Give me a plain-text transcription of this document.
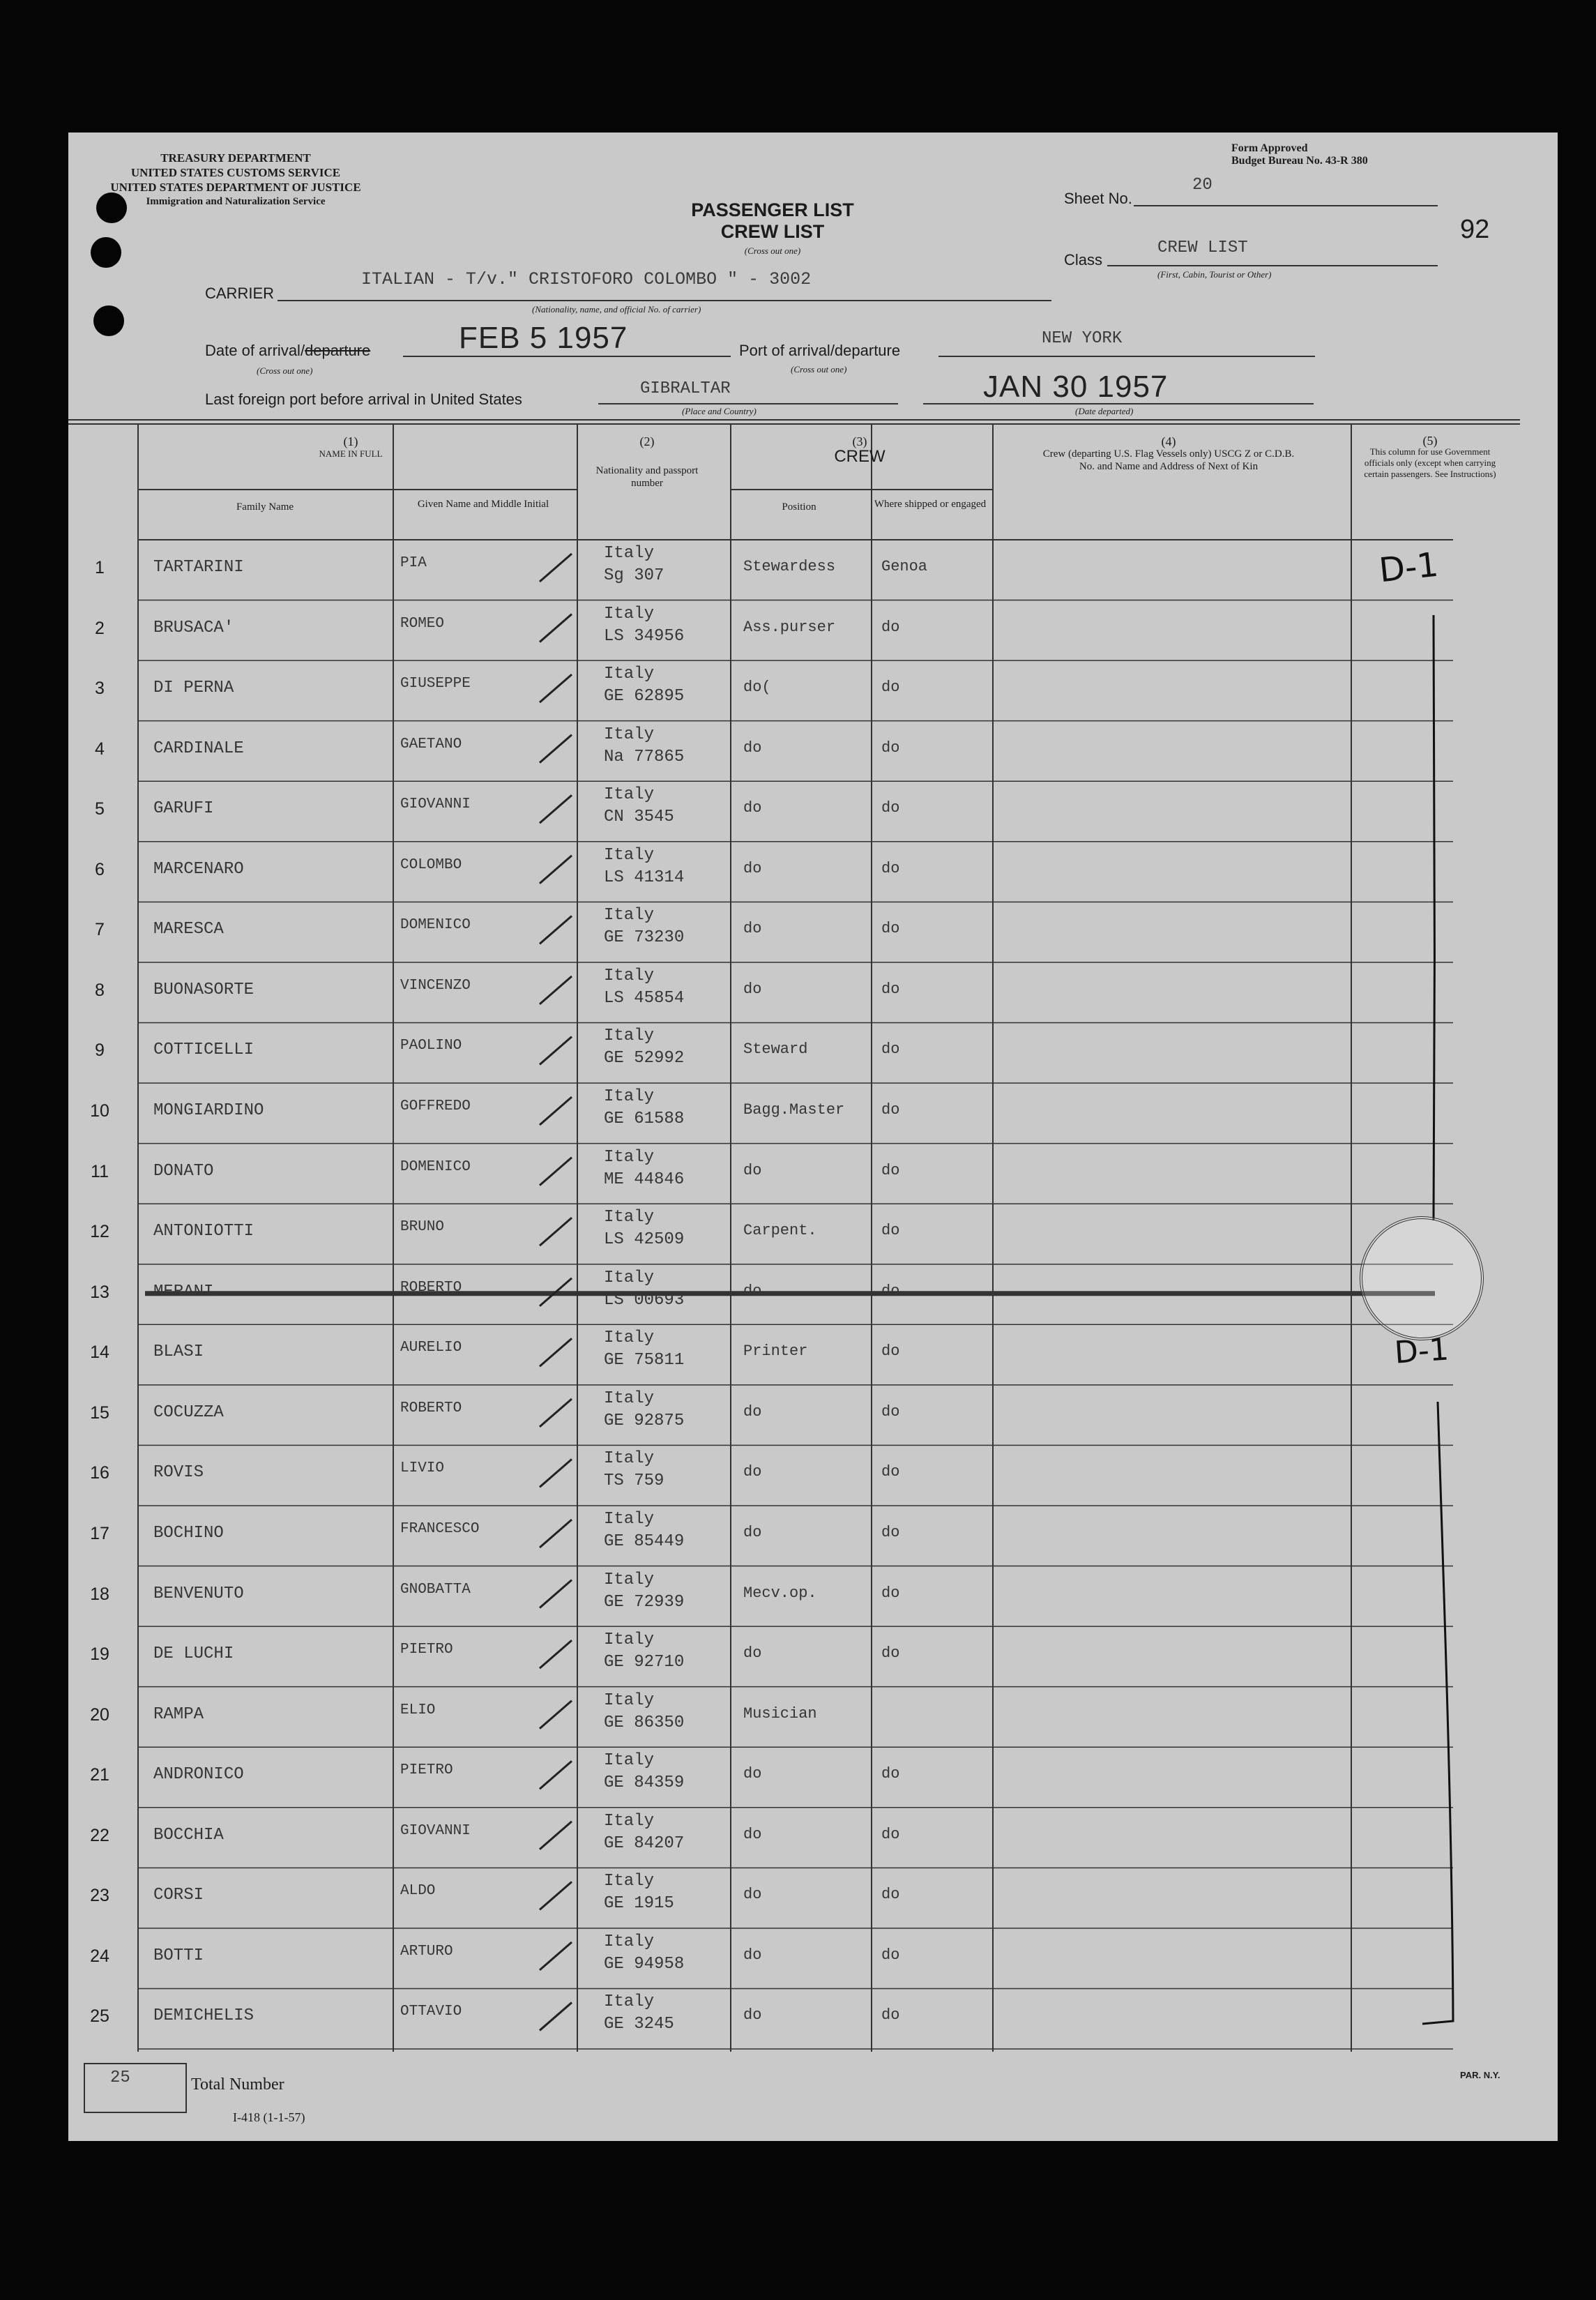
TREASURY DEPARTMENT
UNITED STATES CUSTOMS SERVICE
UNITED STATES DEPARTMENT OF JUSTICE
Immigration and Naturalization Service	PASSENGER LIST
CREW LIST
(Cross out one)
Form Approved
Budget Bureau No. 43-R 380
Sheet No.
20
92
Class
CREW LIST
(First, Cabin, Tourist or Other)
CARRIER
ITALIAN - T/v." CRISTOFORO COLOMBO " - 3002
(Nationality, name, and official No. of carrier)
Date of arrival/departure
(Cross out one)
FEB 5 1957	Port of arrival/departure
NEW YORK
(Cross out one)
Last foreign port before arrival in United States
GIBRALTAR
(Place and Country)
JAN 30 1957
(Date departed)
(1)
NAME IN FULL
Family Name	Given Name and Middle Initial
(2)
Nationality and passport number
(3)
CREW
Position	Where shipped or engaged
(4)
Crew (departing U.S. Flag Vessels only) USCG Z or C.D.B. No. and Name and Address of Next of Kin
(5)
This column for use Government officials only (except when carrying certain passengers. See Instructions)
1	TARTARINI	PIA
Italy
Sg 307	Stewardess	Genoa
2	BRUSACA'	ROMEO
Italy
LS 34956	Ass.purser	do
3	DI PERNA	GIUSEPPE
Italy
GE 62895	do(	do
4	CARDINALE	GAETANO
Italy
Na 77865	do	do
5	GARUFI	GIOVANNI
Italy
CN 3545	do	do
6	MARCENARO	COLOMBO
Italy
LS 41314	do	do
7	MARESCA	DOMENICO
Italy
GE 73230	do	do
8	BUONASORTE	VINCENZO
Italy
LS 45854	do	do
9	COTTICELLI	PAOLINO
Italy
GE 52992	Steward	do
10	MONGIARDINO	GOFFREDO
Italy
GE 61588	Bagg.Master do
11	DONATO	DOMENICO
Italy
ME 44846	do	do
12	ANTONIOTTI	BRUNO
Italy
LS 42509	Carpent.	do
13	MERANI	ROBERTO
Italy
LS 00693	do	do
14	BLASI	AURELIO
Italy
GE 75811	Printer	do
15	COCUZZA	ROBERTO
Italy
GE 92875	do	do
16	ROVIS	LIVIO
Italy
TS 759	do	do
17	BOCHINO	FRANCESCO
Italy
GE 85449	do	do
18	BENVENUTO	GNOBATTA
Italy
GE 72939	Mecv.op.	do
19	DE LUCHI	PIETRO
Italy
GE 92710	do	do
20	RAMPA	ELIO
Italy
GE 86350	Musician
21	ANDRONICO	PIETRO
Italy
GE 84359	do	do
22	BOCCHIA	GIOVANNI
Italy
GE 84207	do	do
23	CORSI	ALDO
Italy
GE 1915	do	do
24	BOTTI	ARTURO
Italy
GE 94958	do	do
25	DEMICHELIS	OTTAVIO
Italy
GE 3245	do	do
D-1
D-1
25	Total Number
I-418 (1-1-57)
PAR. N.Y.
